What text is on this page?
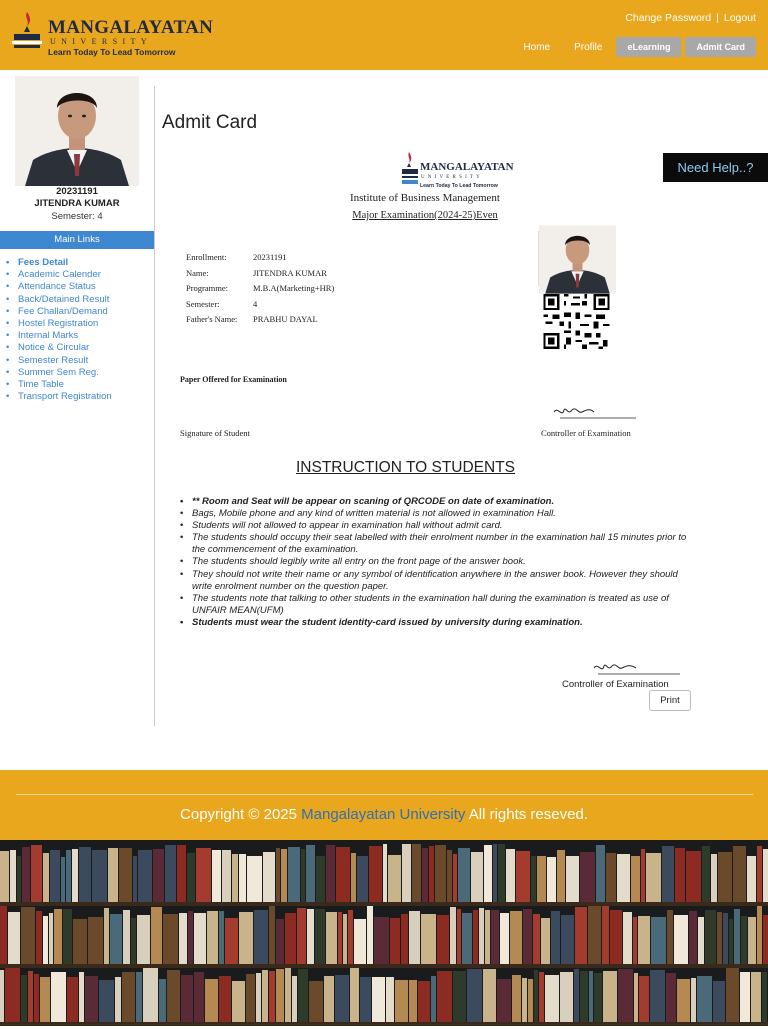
MANGALAYATAN
UNIVERSITY
Learn Today To Lead Tomorrow
Change Password | Logout
Home	Profile	eLearning	Admit Card
20231191
JITENDRA KUMAR
Semester: 4
Main Links
• Fees Detail
• Academic Calender
• Attendance Status
• Back/Detained Result
• Fee Challan/Demand
• Hostel Registration
• Internal Marks
• Notice & Circular
• Semester Result
• Summer Sem Reg.
• Time Table
• Transport Registration
Admit Card
Need Help..?
MANGALAYATAN
UNIVERSITY
Learn Today To Lead Tomorrow
Institute of Business Management
Major Examination(2024-25)Even
Enrollment:	20231191
Name:	JITENDRA KUMAR
Programme:	M.B.A(Marketing+HR)
Semester:	4
Father's Name:	PRABHU DAYAL
Paper Offered for Examination
Signature of Student	Controller of Examination
INSTRUCTION TO STUDENTS
• ** Room and Seat will be appear on scaning of QRCODE on date of examination.
• Bags, Mobile phone and any kind of written material is not allowed in examination Hall.
• Students will not allowed to appear in examination hall without admit card.
• The students should occupy their seat labelled with their enrolment number in the examination hall 15 minutes prior to the commencement of the examination.
• The students should legibly write all entry on the front page of the answer book.
• They should not write their name or any symbol of identification anywhere in the answer book. However they should write enrolment number on the question paper.
• The students note that talking to other students in the examination hall during the examination is treated as use of UNFAIR MEAN(UFM)
• Students must wear the student identity-card issued by university during examination.
Controller of Examination
Print
Copyright © 2025 Mangalayatan University All rights reseved.
